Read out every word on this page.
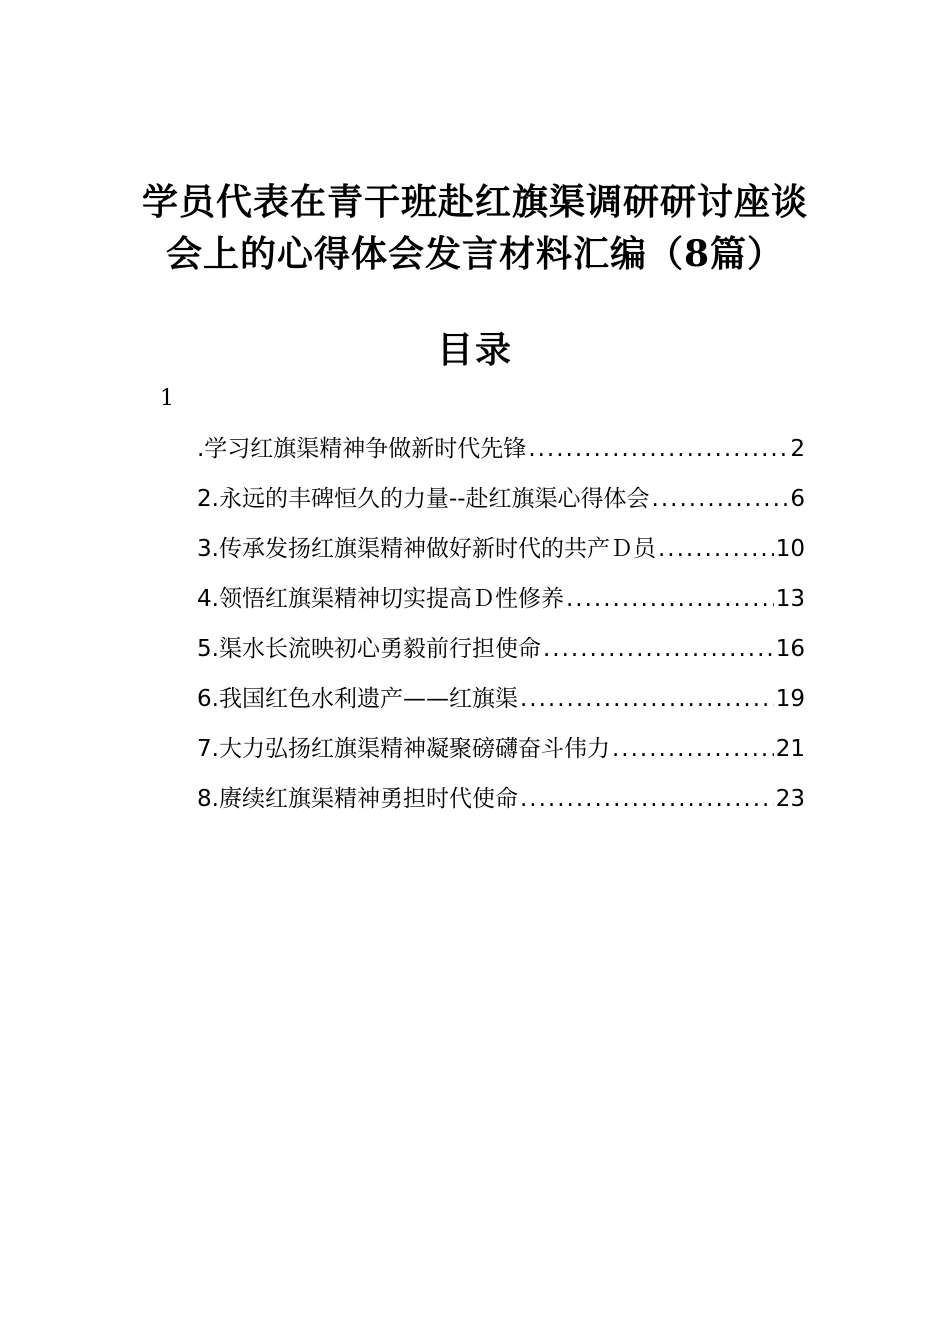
学员代表在青干班赴红旗渠调研研讨座谈
会上的心得体会发言材料汇编（8篇）
目录
1
.学习红旗渠精神争做新时代先锋 .....	2
2.永远的丰碑恒久的力量--赴红旗渠心得体会 .....	6
3.传承发扬红旗渠精神做好新时代的共产Ｄ员 .....	10
4.领悟红旗渠精神切实提高Ｄ性修养 .....	13
5.渠水长流映初心勇毅前行担使命 .....	16
6.我国红色水利遗产——红旗渠 .....	19
7.大力弘扬红旗渠精神凝聚磅礴奋斗伟力 .....	21
8.赓续红旗渠精神勇担时代使命 .....	23
